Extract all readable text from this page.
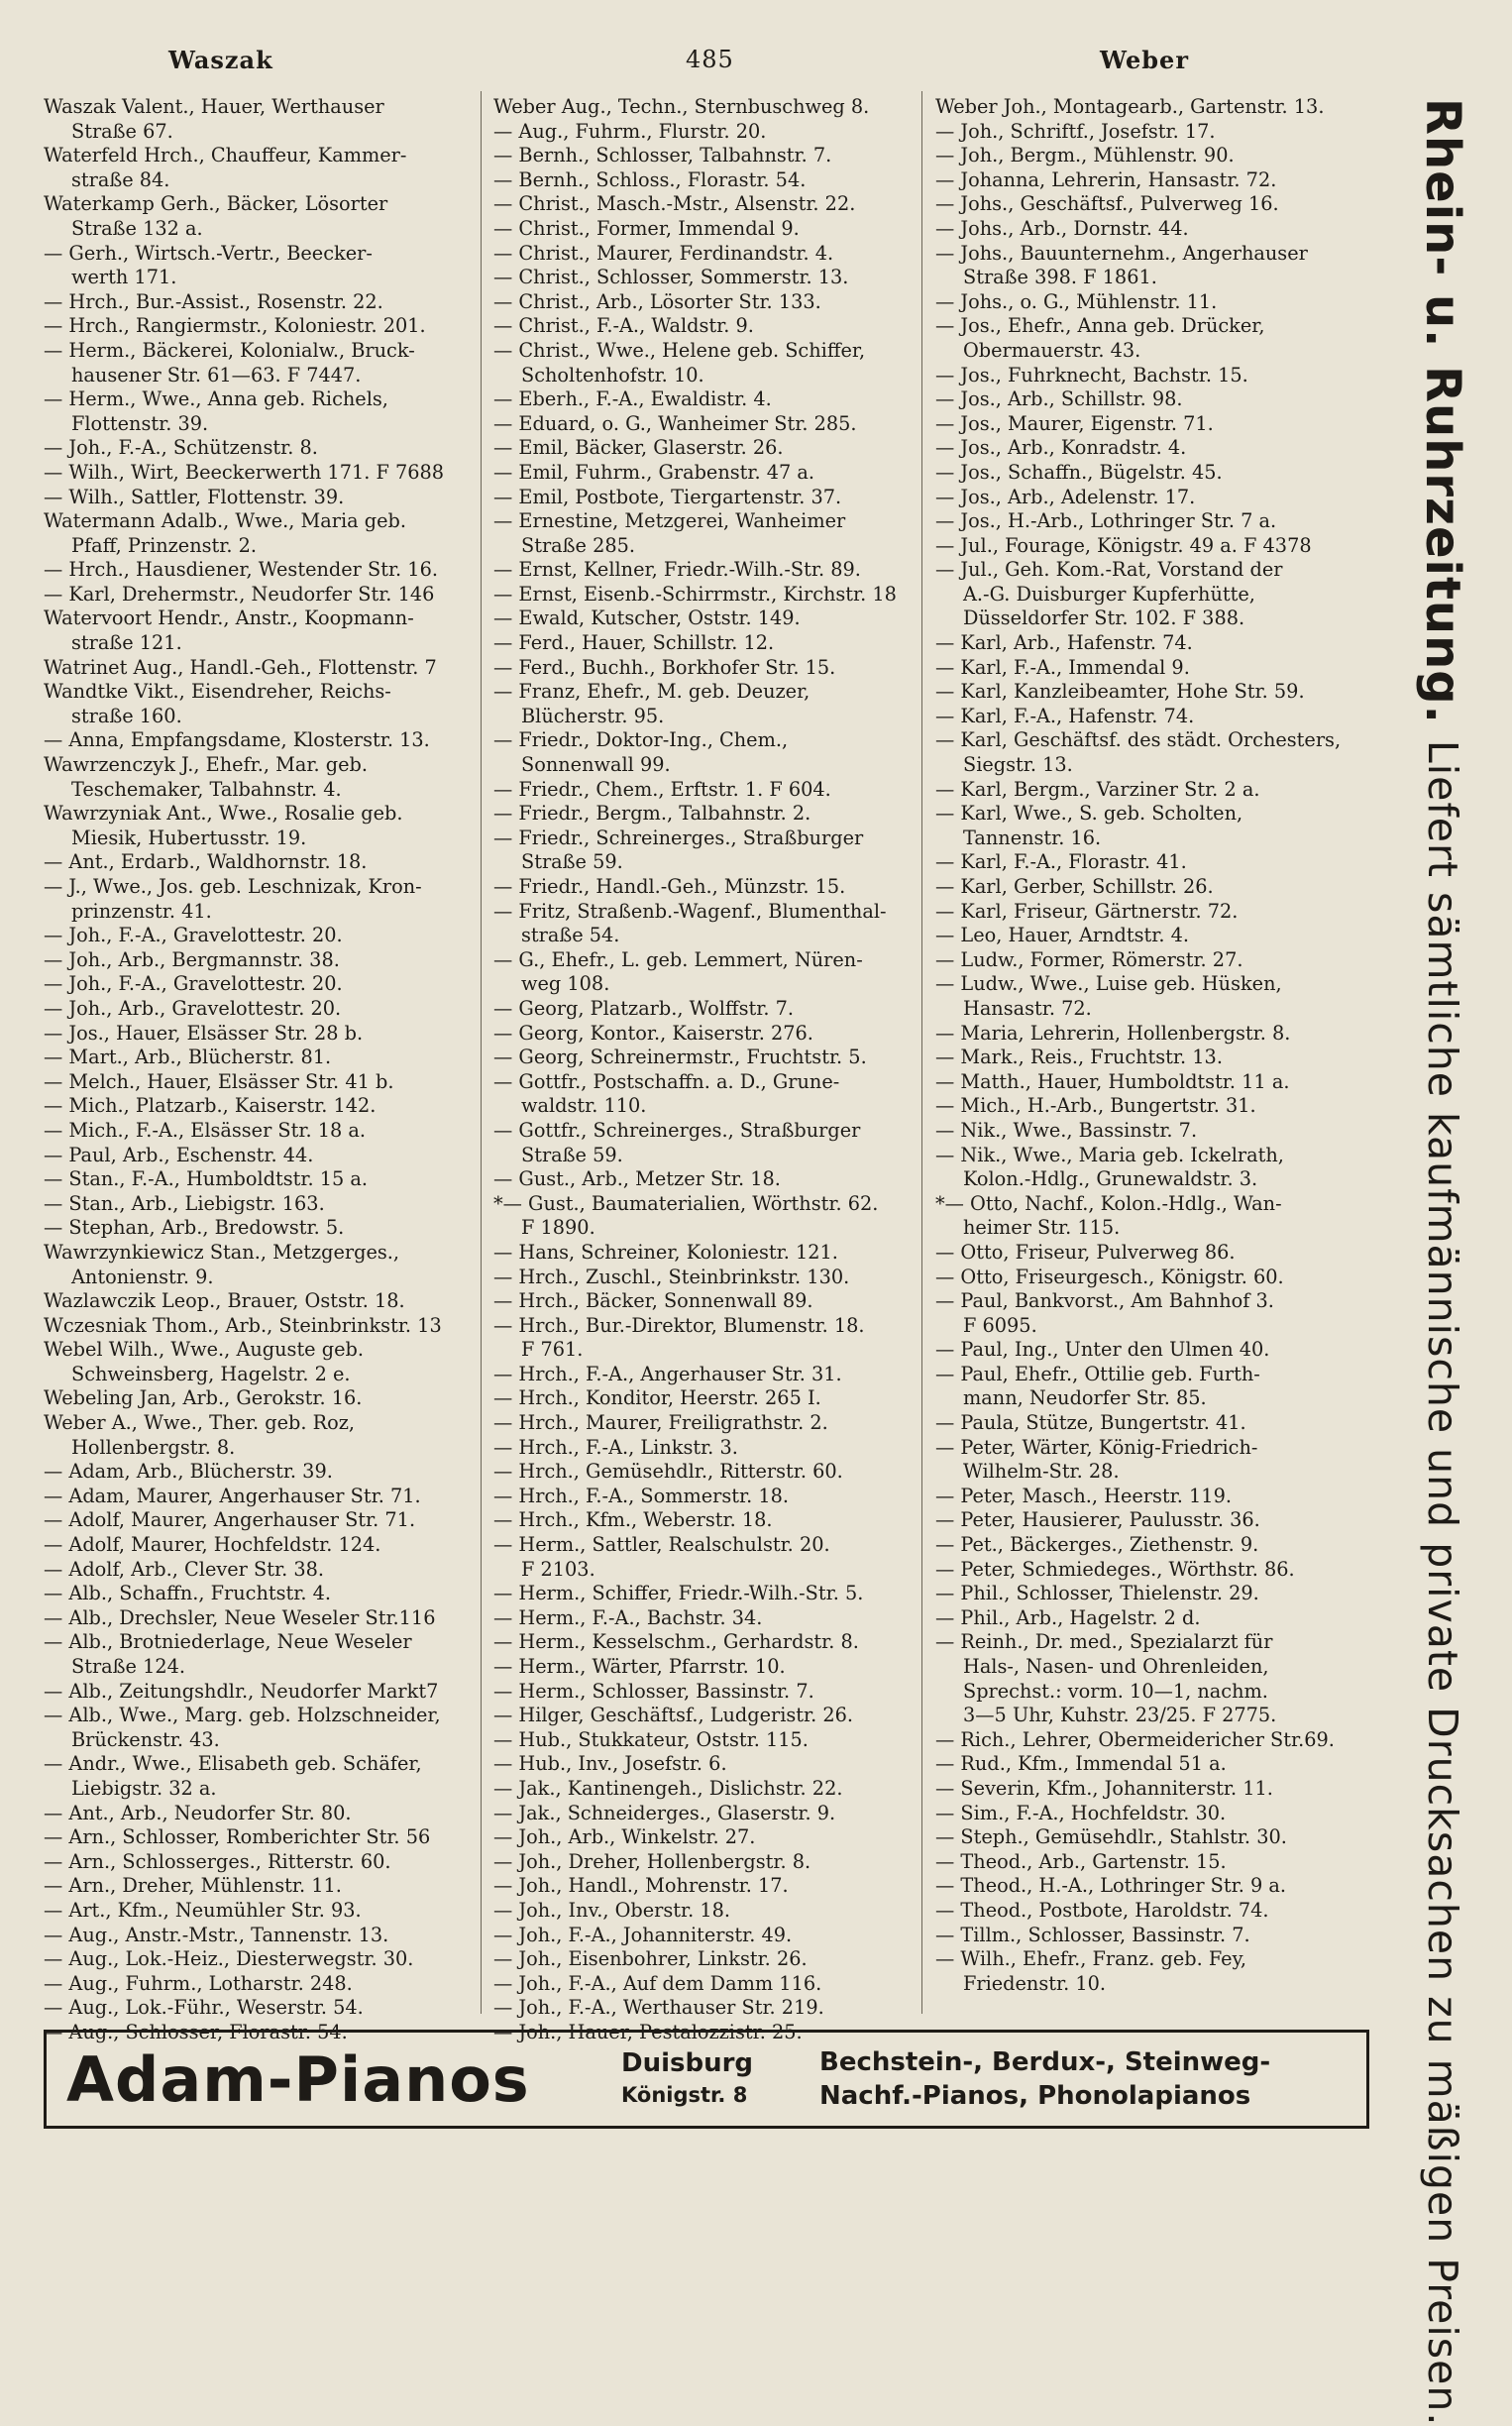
Waszak	485	Weber
Waszak Valent., Hauer, Werthauser
Straße 67.
Waterfeld Hrch., Chauffeur, Kammer-
straße 84.
Waterkamp Gerh., Bäcker, Lösorter
Straße 132 a.
— Gerh., Wirtsch.-Vertr., Beecker-
werth 171.
— Hrch., Bur.-Assist., Rosenstr. 22.
— Hrch., Rangiermstr., Koloniestr. 201.
— Herm., Bäckerei, Kolonialw., Bruck-
hausener Str. 61—63. F 7447.
— Herm., Wwe., Anna geb. Richels,
Flottenstr. 39.
— Joh., F.-A., Schützenstr. 8.
— Wilh., Wirt, Beeckerwerth 171. F 7688
— Wilh., Sattler, Flottenstr. 39.
Watermann Adalb., Wwe., Maria geb.
Pfaff, Prinzenstr. 2.
— Hrch., Hausdiener, Westender Str. 16.
— Karl, Drehermstr., Neudorfer Str. 146
Watervoort Hendr., Anstr., Koopmann-
straße 121.
Watrinet Aug., Handl.-Geh., Flottenstr. 7
Wandtke Vikt., Eisendreher, Reichs-
straße 160.
— Anna, Empfangsdame, Klosterstr. 13.
Wawrzenczyk J., Ehefr., Mar. geb.
Teschemaker, Talbahnstr. 4.
Wawrzyniak Ant., Wwe., Rosalie geb.
Miesik, Hubertusstr. 19.
— Ant., Erdarb., Waldhornstr. 18.
— J., Wwe., Jos. geb. Leschnizak, Kron-
prinzenstr. 41.
— Joh., F.-A., Gravelottestr. 20.
— Joh., Arb., Bergmannstr. 38.
— Joh., F.-A., Gravelottestr. 20.
— Joh., Arb., Gravelottestr. 20.
— Jos., Hauer, Elsässer Str. 28 b.
— Mart., Arb., Blücherstr. 81.
— Melch., Hauer, Elsässer Str. 41 b.
— Mich., Platzarb., Kaiserstr. 142.
— Mich., F.-A., Elsässer Str. 18 a.
— Paul, Arb., Eschenstr. 44.
— Stan., F.-A., Humboldtstr. 15 a.
— Stan., Arb., Liebigstr. 163.
— Stephan, Arb., Bredowstr. 5.
Wawrzynkiewicz Stan., Metzgerges.,
Antonienstr. 9.
Wazlawczik Leop., Brauer, Oststr. 18.
Wczesniak Thom., Arb., Steinbrinkstr. 13
Webel Wilh., Wwe., Auguste geb.
Schweinsberg, Hagelstr. 2 e.
Webeling Jan, Arb., Gerokstr. 16.
Weber A., Wwe., Ther. geb. Roz,
Hollenbergstr. 8.
— Adam, Arb., Blücherstr. 39.
— Adam, Maurer, Angerhauser Str. 71.
— Adolf, Maurer, Angerhauser Str. 71.
— Adolf, Maurer, Hochfeldstr. 124.
— Adolf, Arb., Clever Str. 38.
— Alb., Schaffn., Fruchtstr. 4.
— Alb., Drechsler, Neue Weseler Str.116
— Alb., Brotniederlage, Neue Weseler
Straße 124.
— Alb., Zeitungshdlr., Neudorfer Markt7
— Alb., Wwe., Marg. geb. Holzschneider,
Brückenstr. 43.
— Andr., Wwe., Elisabeth geb. Schäfer,
Liebigstr. 32 a.
— Ant., Arb., Neudorfer Str. 80.
— Arn., Schlosser, Romberichter Str. 56
— Arn., Schlosserges., Ritterstr. 60.
— Arn., Dreher, Mühlenstr. 11.
— Art., Kfm., Neumühler Str. 93.
— Aug., Anstr.-Mstr., Tannenstr. 13.
— Aug., Lok.-Heiz., Diesterwegstr. 30.
— Aug., Fuhrm., Lotharstr. 248.
— Aug., Lok.-Führ., Weserstr. 54.
— Aug., Schlosser, Florastr. 54.
Weber Aug., Techn., Sternbuschweg 8.
— Aug., Fuhrm., Flurstr. 20.
— Bernh., Schlosser, Talbahnstr. 7.
— Bernh., Schloss., Florastr. 54.
— Christ., Masch.-Mstr., Alsenstr. 22.
— Christ., Former, Immendal 9.
— Christ., Maurer, Ferdinandstr. 4.
— Christ., Schlosser, Sommerstr. 13.
— Christ., Arb., Lösorter Str. 133.
— Christ., F.-A., Waldstr. 9.
— Christ., Wwe., Helene geb. Schiffer,
Scholtenhofstr. 10.
— Eberh., F.-A., Ewaldistr. 4.
— Eduard, o. G., Wanheimer Str. 285.
— Emil, Bäcker, Glaserstr. 26.
— Emil, Fuhrm., Grabenstr. 47 a.
— Emil, Postbote, Tiergartenstr. 37.
— Ernestine, Metzgerei, Wanheimer
Straße 285.
— Ernst, Kellner, Friedr.-Wilh.-Str. 89.
— Ernst, Eisenb.-Schirrmstr., Kirchstr. 18
— Ewald, Kutscher, Oststr. 149.
— Ferd., Hauer, Schillstr. 12.
— Ferd., Buchh., Borkhofer Str. 15.
— Franz, Ehefr., M. geb. Deuzer,
Blücherstr. 95.
— Friedr., Doktor-Ing., Chem.,
Sonnenwall 99.
— Friedr., Chem., Erftstr. 1. F 604.
— Friedr., Bergm., Talbahnstr. 2.
— Friedr., Schreinerges., Straßburger
Straße 59.
— Friedr., Handl.-Geh., Münzstr. 15.
— Fritz, Straßenb.-Wagenf., Blumenthal-
straße 54.
— G., Ehefr., L. geb. Lemmert, Nüren-
weg 108.
— Georg, Platzarb., Wolffstr. 7.
— Georg, Kontor., Kaiserstr. 276.
— Georg, Schreinermstr., Fruchtstr. 5.
— Gottfr., Postschaffn. a. D., Grune-
waldstr. 110.
— Gottfr., Schreinerges., Straßburger
Straße 59.
— Gust., Arb., Metzer Str. 18.
*— Gust., Baumaterialien, Wörthstr. 62.
F 1890.
— Hans, Schreiner, Koloniestr. 121.
— Hrch., Zuschl., Steinbrinkstr. 130.
— Hrch., Bäcker, Sonnenwall 89.
— Hrch., Bur.-Direktor, Blumenstr. 18.
F 761.
— Hrch., F.-A., Angerhauser Str. 31.
— Hrch., Konditor, Heerstr. 265 I.
— Hrch., Maurer, Freiligrathstr. 2.
— Hrch., F.-A., Linkstr. 3.
— Hrch., Gemüsehdlr., Ritterstr. 60.
— Hrch., F.-A., Sommerstr. 18.
— Hrch., Kfm., Weberstr. 18.
— Herm., Sattler, Realschulstr. 20.
F 2103.
— Herm., Schiffer, Friedr.-Wilh.-Str. 5.
— Herm., F.-A., Bachstr. 34.
— Herm., Kesselschm., Gerhardstr. 8.
— Herm., Wärter, Pfarrstr. 10.
— Herm., Schlosser, Bassinstr. 7.
— Hilger, Geschäftsf., Ludgeristr. 26.
— Hub., Stukkateur, Oststr. 115.
— Hub., Inv., Josefstr. 6.
— Jak., Kantinengeh., Dislichstr. 22.
— Jak., Schneiderges., Glaserstr. 9.
— Joh., Arb., Winkelstr. 27.
— Joh., Dreher, Hollenbergstr. 8.
— Joh., Handl., Mohrenstr. 17.
— Joh., Inv., Oberstr. 18.
— Joh., F.-A., Johanniterstr. 49.
— Joh., Eisenbohrer, Linkstr. 26.
— Joh., F.-A., Auf dem Damm 116.
— Joh., F.-A., Werthauser Str. 219.
— Joh., Hauer, Pestalozzistr. 25.
Weber Joh., Montagearb., Gartenstr. 13.
— Joh., Schriftf., Josefstr. 17.
— Joh., Bergm., Mühlenstr. 90.
— Johanna, Lehrerin, Hansastr. 72.
— Johs., Geschäftsf., Pulverweg 16.
— Johs., Arb., Dornstr. 44.
— Johs., Bauunternehm., Angerhauser
Straße 398. F 1861.
— Johs., o. G., Mühlenstr. 11.
— Jos., Ehefr., Anna geb. Drücker,
Obermauerstr. 43.
— Jos., Fuhrknecht, Bachstr. 15.
— Jos., Arb., Schillstr. 98.
— Jos., Maurer, Eigenstr. 71.
— Jos., Arb., Konradstr. 4.
— Jos., Schaffn., Bügelstr. 45.
— Jos., Arb., Adelenstr. 17.
— Jos., H.-Arb., Lothringer Str. 7 a.
— Jul., Fourage, Königstr. 49 a. F 4378
— Jul., Geh. Kom.-Rat, Vorstand der
A.-G. Duisburger Kupferhütte,
Düsseldorfer Str. 102. F 388.
— Karl, Arb., Hafenstr. 74.
— Karl, F.-A., Immendal 9.
— Karl, Kanzleibeamter, Hohe Str. 59.
— Karl, F.-A., Hafenstr. 74.
— Karl, Geschäftsf. des städt. Orchesters,
Siegstr. 13.
— Karl, Bergm., Varziner Str. 2 a.
— Karl, Wwe., S. geb. Scholten,
Tannenstr. 16.
— Karl, F.-A., Florastr. 41.
— Karl, Gerber, Schillstr. 26.
— Karl, Friseur, Gärtnerstr. 72.
— Leo, Hauer, Arndtstr. 4.
— Ludw., Former, Römerstr. 27.
— Ludw., Wwe., Luise geb. Hüsken,
Hansastr. 72.
— Maria, Lehrerin, Hollenbergstr. 8.
— Mark., Reis., Fruchtstr. 13.
— Matth., Hauer, Humboldtstr. 11 a.
— Mich., H.-Arb., Bungertstr. 31.
— Nik., Wwe., Bassinstr. 7.
— Nik., Wwe., Maria geb. Ickelrath,
Kolon.-Hdlg., Grunewaldstr. 3.
*— Otto, Nachf., Kolon.-Hdlg., Wan-
heimer Str. 115.
— Otto, Friseur, Pulverweg 86.
— Otto, Friseurgesch., Königstr. 60.
— Paul, Bankvorst., Am Bahnhof 3.
F 6095.
— Paul, Ing., Unter den Ulmen 40.
— Paul, Ehefr., Ottilie geb. Furth-
mann, Neudorfer Str. 85.
— Paula, Stütze, Bungertstr. 41.
— Peter, Wärter, König-Friedrich-
Wilhelm-Str. 28.
— Peter, Masch., Heerstr. 119.
— Peter, Hausierer, Paulusstr. 36.
— Pet., Bäckerges., Ziethenstr. 9.
— Peter, Schmiedeges., Wörthstr. 86.
— Phil., Schlosser, Thielenstr. 29.
— Phil., Arb., Hagelstr. 2 d.
— Reinh., Dr. med., Spezialarzt für
Hals-, Nasen- und Ohrenleiden,
Sprechst.: vorm. 10—1, nachm.
3—5 Uhr, Kuhstr. 23/25. F 2775.
— Rich., Lehrer, Obermeidericher Str.69.
— Rud., Kfm., Immendal 51 a.
— Severin, Kfm., Johanniterstr. 11.
— Sim., F.-A., Hochfeldstr. 30.
— Steph., Gemüsehdlr., Stahlstr. 30.
— Theod., Arb., Gartenstr. 15.
— Theod., H.-A., Lothringer Str. 9 a.
— Theod., Postbote, Haroldstr. 74.
— Tillm., Schlosser, Bassinstr. 7.
— Wilh., Ehefr., Franz. geb. Fey,
Friedenstr. 10.
Rhein- u. Ruhrzeitung.
Liefert sämtliche kaufmännische und private Drucksachen zu mäßigen Preisen.
Adam-Pianos	Duisburg
Königstr. 8
Bechstein-, Berdux-, Steinweg-
Nachf.-Pianos, Phonolapianos
